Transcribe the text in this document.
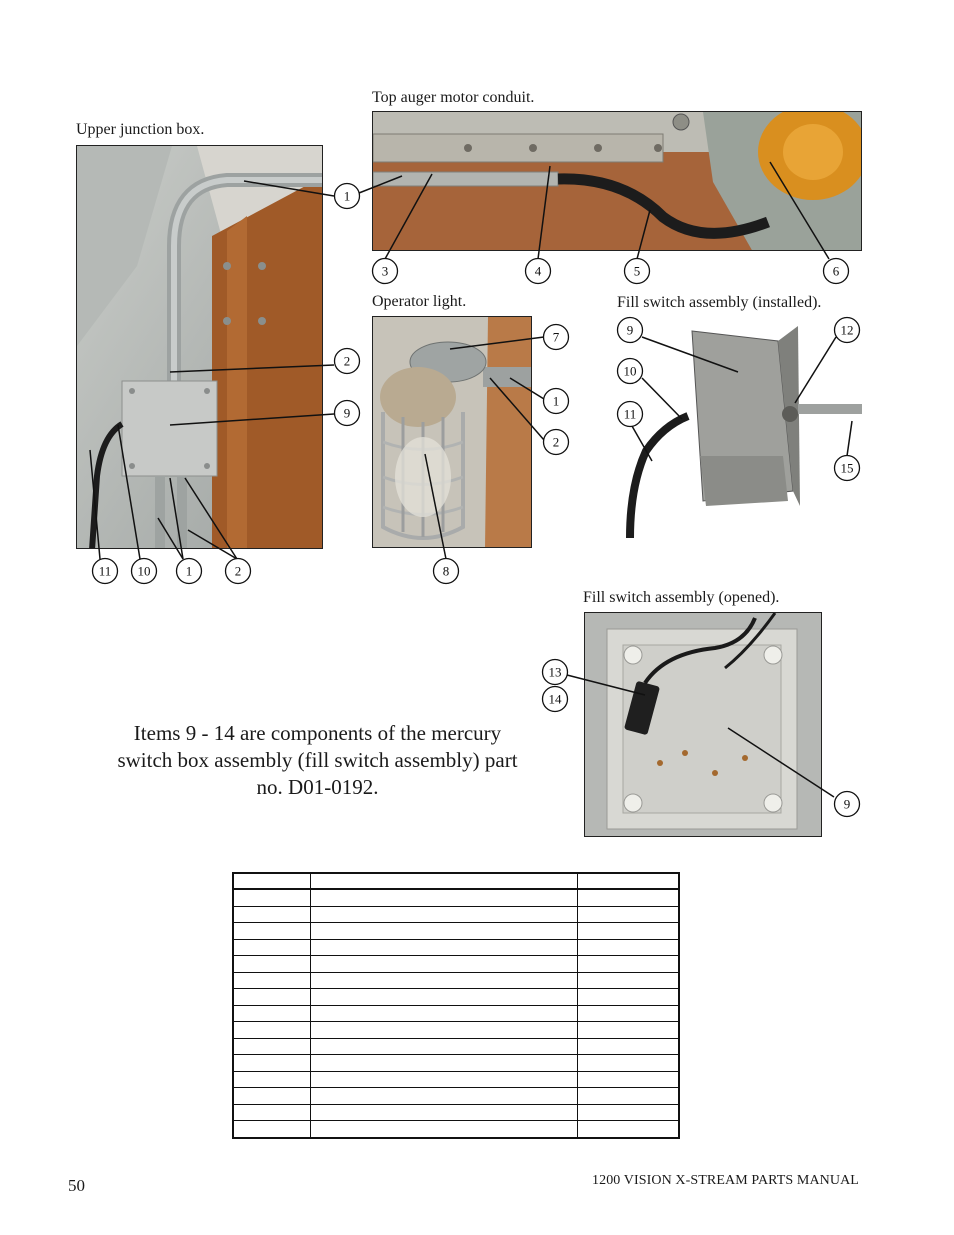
Upper junction box.
Top auger motor conduit.
Operator light.	Fill switch assembly (installed).
Fill switch assembly (opened).
1
2
9
11 10	1	2
3	4	5	6
7
1
2
8
9
10
11
12
15
13
14
9
Items 9 - 14 are components of the mercury
switch box assembly (fill switch assembly) part
no. D01-0192.

50	1200 VISION X-STREAM PARTS MANUAL
